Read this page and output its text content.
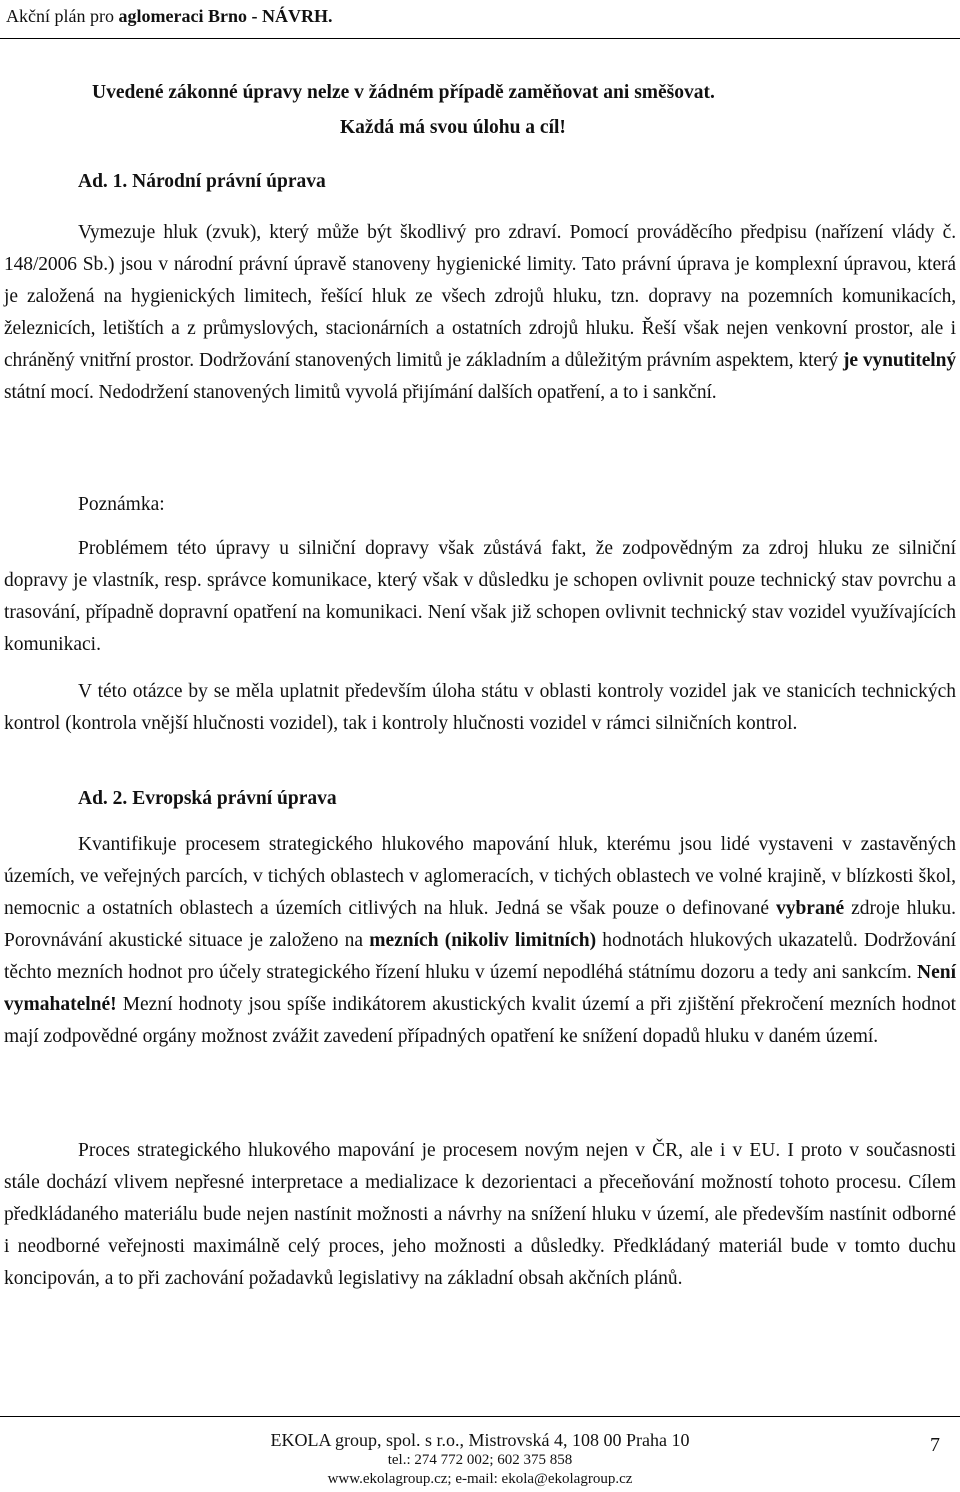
Akční plán pro aglomeraci Brno - NÁVRH.
Uvedené zákonné úpravy nelze v žádném případě zaměňovat ani směšovat.
Každá má svou úlohu a cíl!
Ad. 1. Národní právní úprava

Vymezuje hluk (zvuk), který může být škodlivý pro zdraví. Pomocí prováděcího předpisu (nařízení vlády č. 148/2006 Sb.) jsou v národní právní úpravě stanoveny hygienické limity. Tato právní úprava je komplexní úpravou, která je založená na hygienických limitech, řešící hluk ze všech zdrojů hluku, tzn. dopravy na pozemních komunikacích, železnicích, letištích a z průmyslových, stacionárních a ostatních zdrojů hluku. Řeší však nejen venkovní prostor, ale i chráněný vnitřní prostor. Dodržování stanovených limitů je základním a důležitým právním aspektem, který je vynutitelný státní mocí. Nedodržení stanovených limitů vyvolá přijímání dalších opatření, a to i sankční.

Poznámka:

Problémem této úpravy u silniční dopravy však zůstává fakt, že zodpovědným za zdroj hluku ze silniční dopravy je vlastník, resp. správce komunikace, který však v důsledku je schopen ovlivnit pouze technický stav povrchu a trasování, případně dopravní opatření na komunikaci. Není však již schopen ovlivnit technický stav vozidel využívajících komunikaci.

V této otázce by se měla uplatnit především úloha státu v oblasti kontroly vozidel jak ve stanicích technických kontrol (kontrola vnější hlučnosti vozidel), tak i kontroly hlučnosti vozidel v rámci silničních kontrol.

Ad. 2. Evropská právní úprava

Kvantifikuje procesem strategického hlukového mapování hluk, kterému jsou lidé vystaveni v zastavěných územích, ve veřejných parcích, v tichých oblastech v aglomeracích, v tichých oblastech ve volné krajině, v blízkosti škol, nemocnic a ostatních oblastech a územích citlivých na hluk. Jedná se však pouze o definované vybrané zdroje hluku. Porovnávání akustické situace je založeno na mezních (nikoliv limitních) hodnotách hlukových ukazatelů. Dodržování těchto mezních hodnot pro účely strategického řízení hluku v území nepodléhá státnímu dozoru a tedy ani sankcím. Není vymahatelné! Mezní hodnoty jsou spíše indikátorem akustických kvalit území a při zjištění překročení mezních hodnot mají zodpovědné orgány možnost zvážit zavedení případných opatření ke snížení dopadů hluku v daném území.

Proces strategického hlukového mapování je procesem novým nejen v ČR, ale i v EU. I proto v současnosti stále dochází vlivem nepřesné interpretace a medializace k dezorientaci a přeceňování možností tohoto procesu. Cílem předkládaného materiálu bude nejen nastínit možnosti a návrhy na snížení hluku v území, ale především nastínit odborné i neodborné veřejnosti maximálně celý proces, jeho možnosti a důsledky. Předkládaný materiál bude v tomto duchu koncipován, a to při zachování požadavků legislativy na základní obsah akčních plánů.

EKOLA group, spol. s r.o., Mistrovská 4, 108 00 Praha 10
tel.: 274 772 002; 602 375 858
www.ekolagroup.cz; e-mail: ekola@ekolagroup.cz
7
